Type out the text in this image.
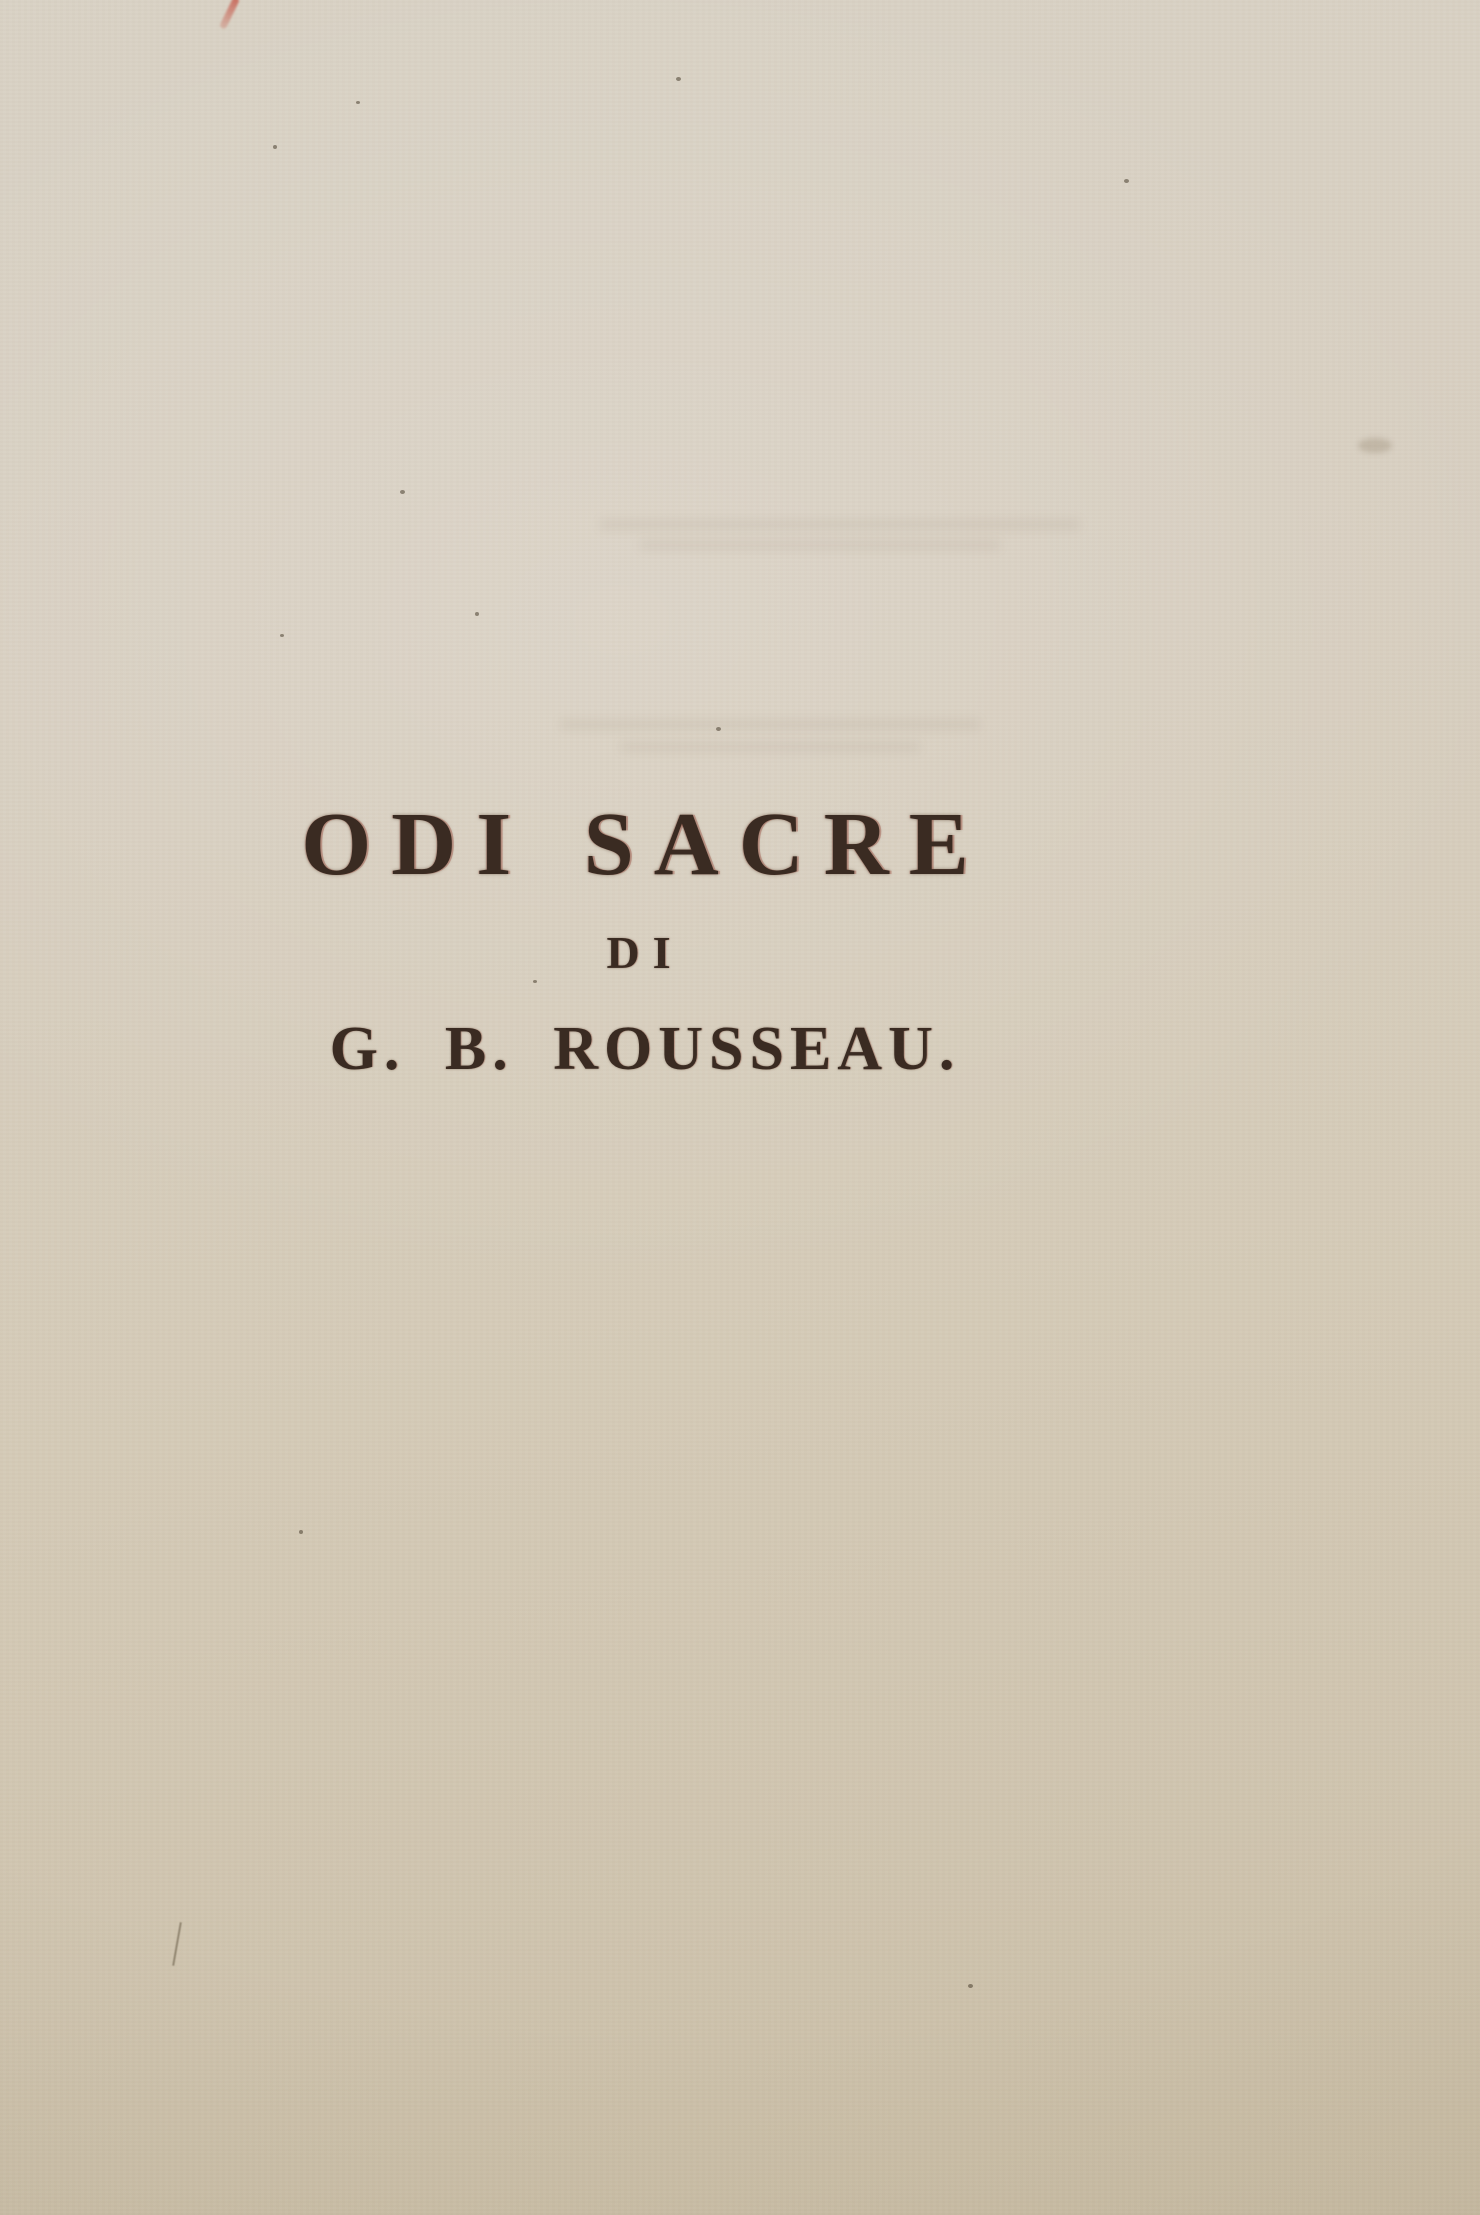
ODI SACRE
DI
G. B. ROUSSEAU.
